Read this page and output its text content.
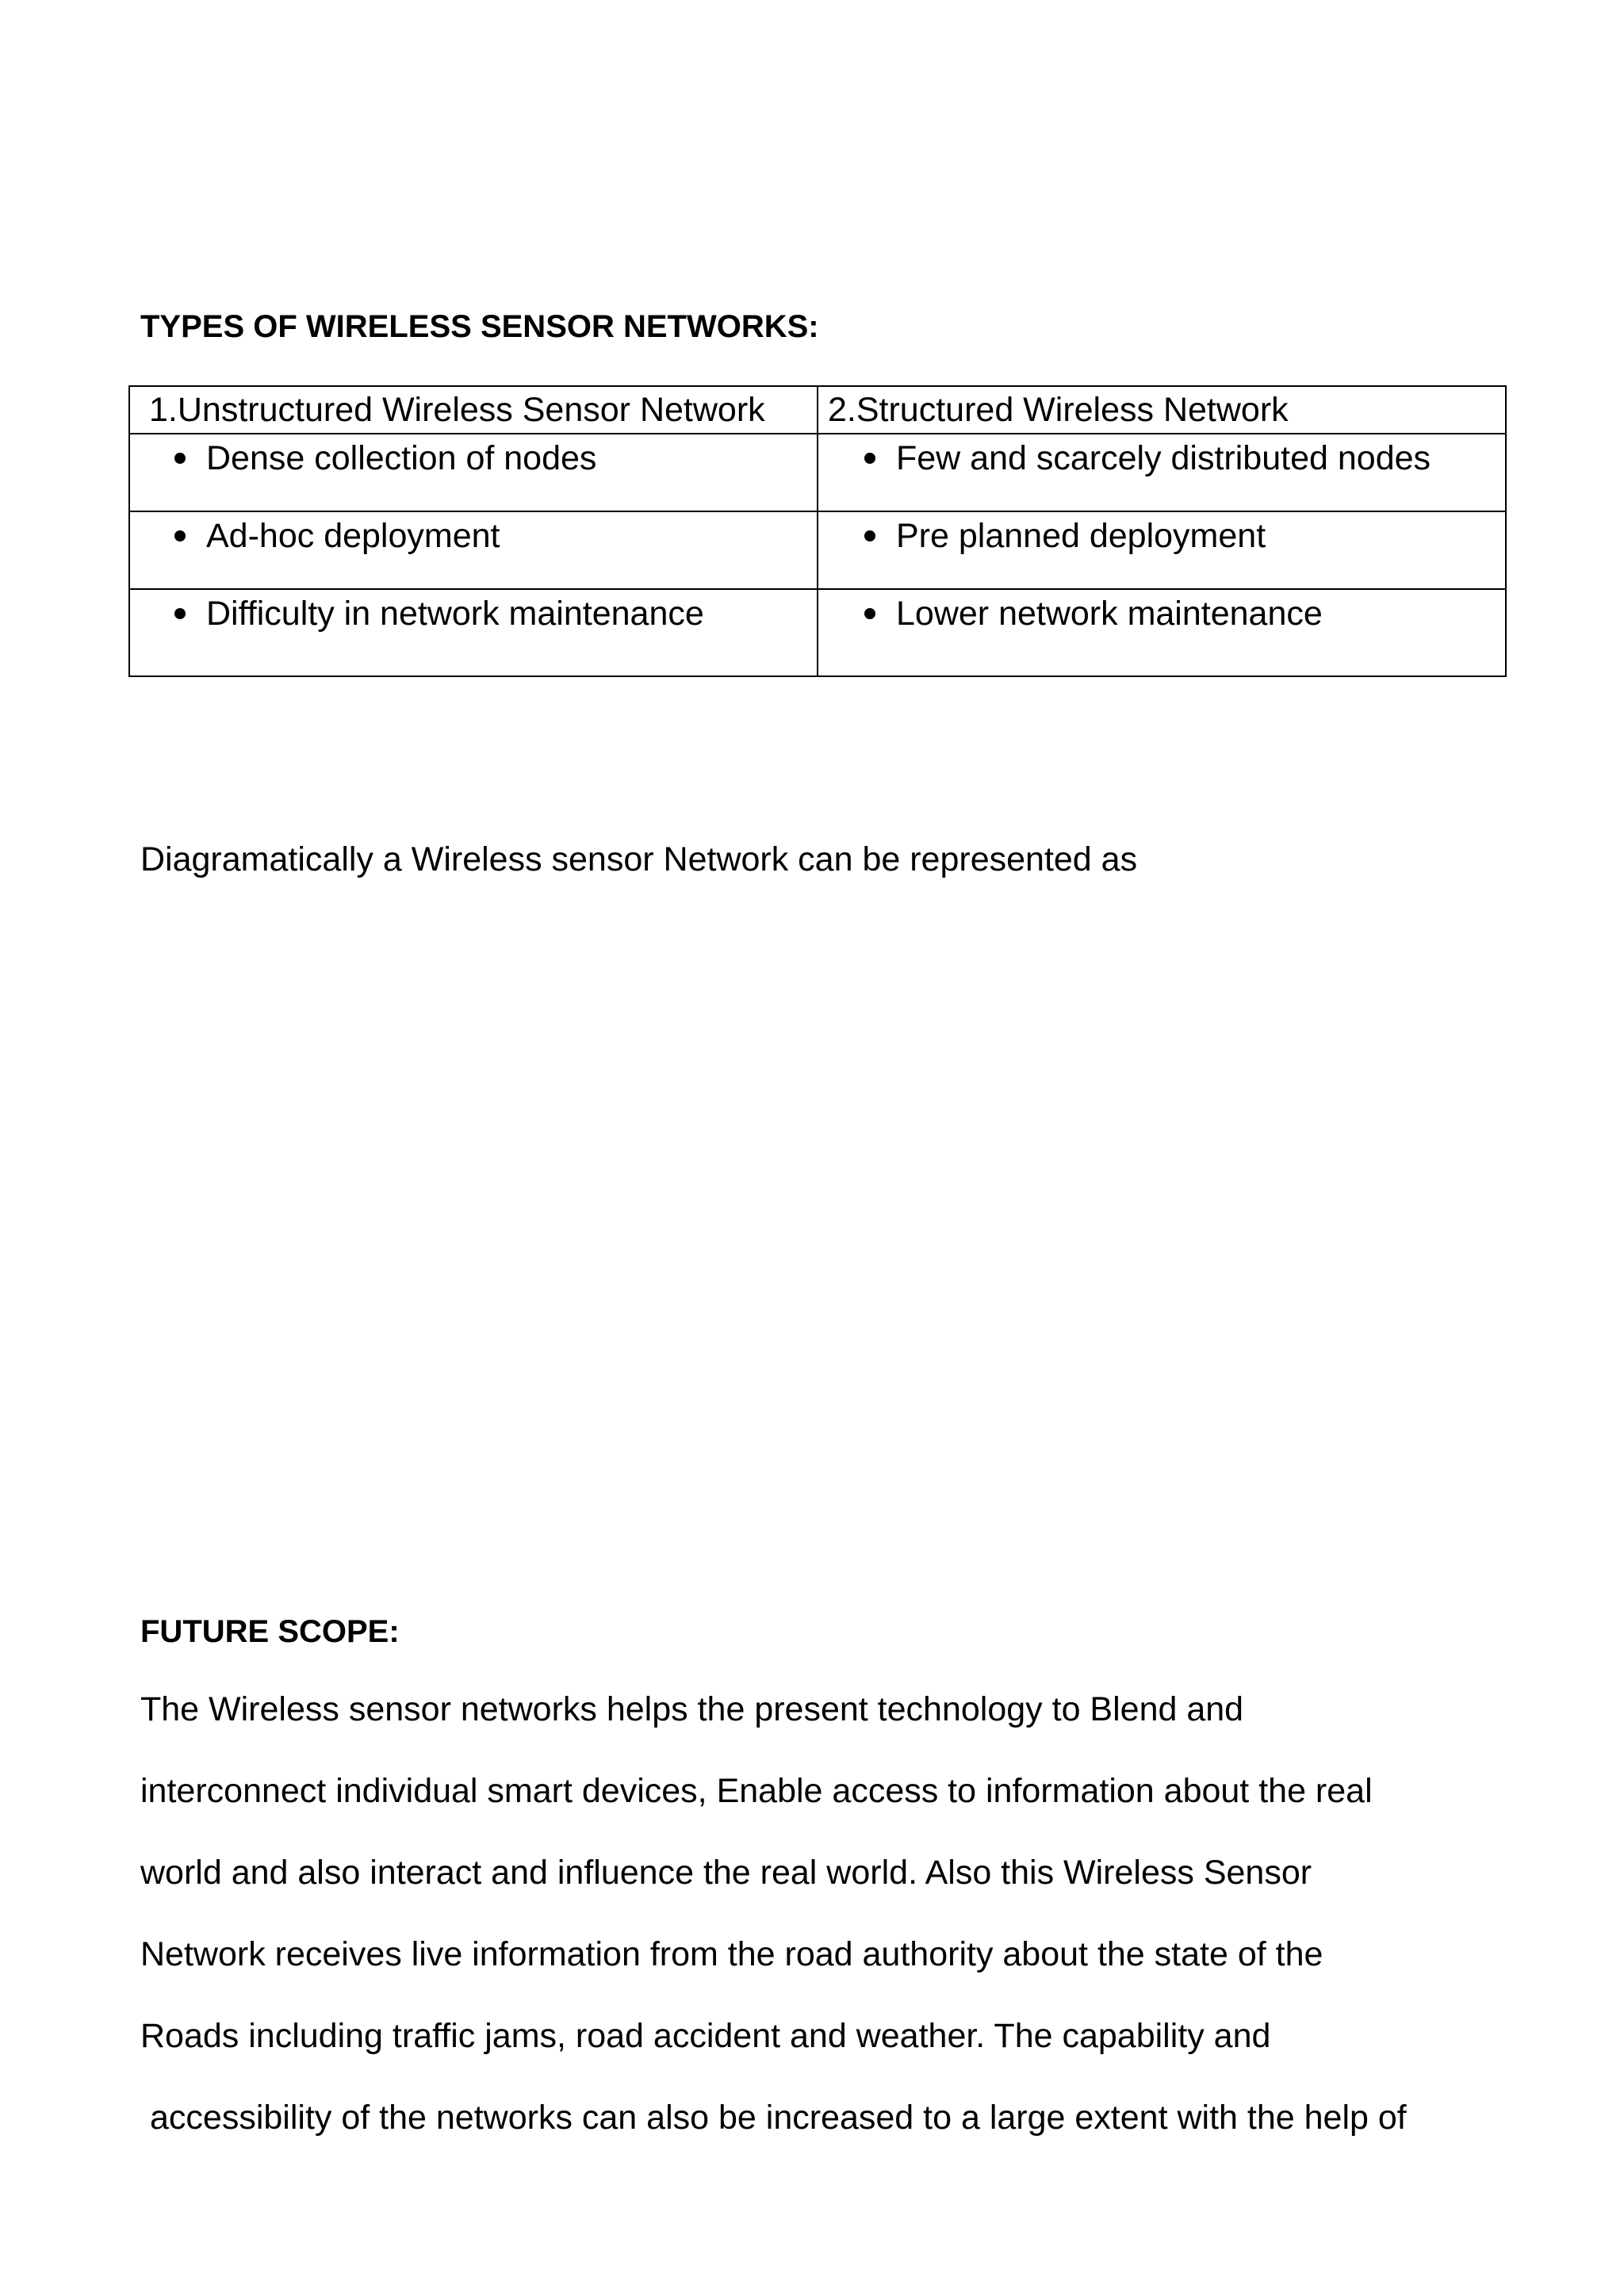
TYPES OF WIRELESS SENSOR NETWORKS:
1.Unstructured Wireless Sensor Network	2.Structured Wireless Network

Dense collection of nodes	Few and scarcely distributed nodes

Ad-hoc deployment	Pre planned deployment

Difficulty in network maintenance	Lower network maintenance

Diagramatically a Wireless sensor Network can be represented as

FUTURE SCOPE:
The Wireless sensor networks helps the present technology to Blend and
interconnect individual smart devices, Enable access to information about the real
world and also interact and influence the real world. Also this Wireless Sensor
Network receives live information from the road authority about the state of the
Roads including traffic jams, road accident and weather. The capability and
accessibility of the networks can also be increased to a large extent with the help of
